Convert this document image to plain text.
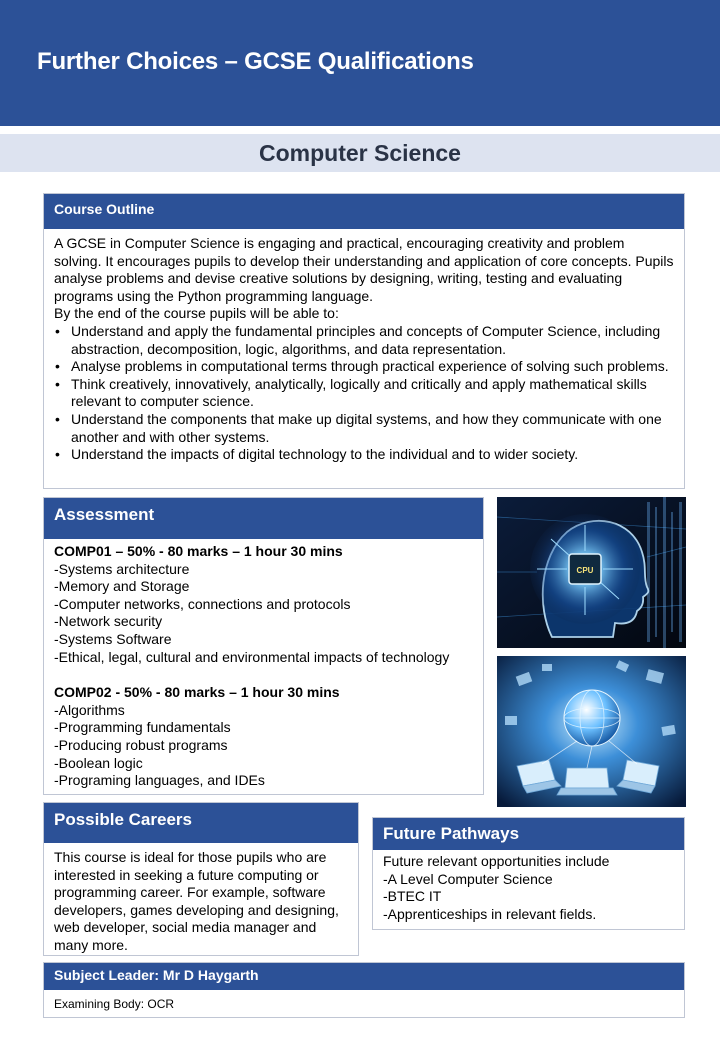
Further Choices – GCSE Qualifications
Computer Science
Course Outline

A GCSE in Computer Science is engaging and practical, encouraging creativity and problem solving. It encourages pupils to develop their understanding and application of core concepts. Pupils analyse problems and devise creative solutions by designing, writing, testing and evaluating programs using the Python programming language.

By the end of the course pupils will be able to:

• Understand and apply the fundamental principles and concepts of Computer Science, including abstraction, decomposition, logic, algorithms, and data representation.
• Analyse problems in computational terms through practical experience of solving such problems.
• Think creatively, innovatively, analytically, logically and critically and apply mathematical skills relevant to computer science.
• Understand the components that make up digital systems, and how they communicate with one another and with other systems.
• Understand the impacts of digital technology to the individual and to wider society.
Assessment

COMP01 – 50% - 80 marks – 1 hour 30 mins

-Systems architecture

-Memory and Storage

-Computer networks, connections and protocols

-Network security

-Systems Software

-Ethical, legal, cultural and environmental impacts of technology

COMP02 - 50% - 80 marks – 1 hour 30 mins

-Algorithms

-Programming fundamentals

-Producing robust programs

-Boolean logic

-Programing languages, and IDEs

CPU
Possible Careers
This course is ideal for those pupils who are interested in seeking a future computing or programming career. For example, software developers, games developing and designing, web developer, social media manager and many more.
Future Pathways

Future relevant opportunities include

-A Level Computer Science

-BTEC IT

-Apprenticeships in relevant fields.

Subject Leader: Mr D Haygarth
Examining Body: OCR
